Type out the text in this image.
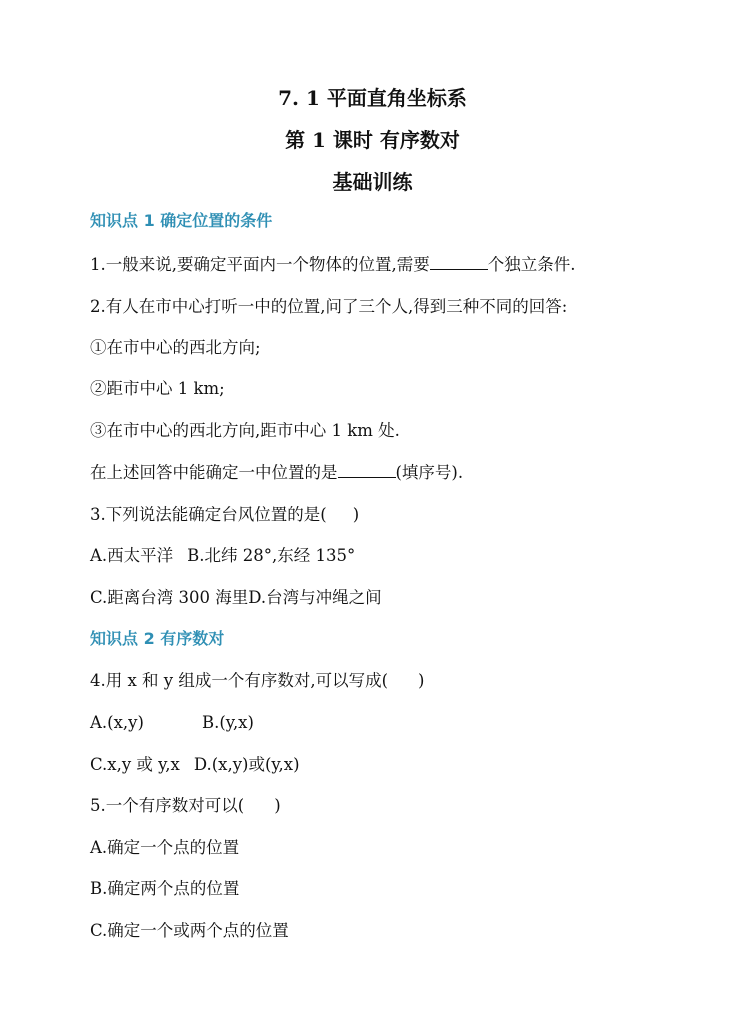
7. 1 平面直角坐标系
第 1 课时 有序数对
基础训练
知识点 1 确定位置的条件
1.一般来说,要确定平面内一个物体的位置,需要	个独立条件.
2.有人在市中心打听一中的位置,问了三个人,得到三种不同的回答:
①在市中心的西北方向;
②距市中心 1 km;
③在市中心的西北方向,距市中心 1 km 处.
在上述回答中能确定一中位置的是	(填序号).
3.下列说法能确定台风位置的是( )
A.西太平洋 B.北纬 28°,东经 135°
C.距离台湾 300 海里D.台湾与冲绳之间
知识点 2 有序数对
4.用 x 和 y 组成一个有序数对,可以写成( )
A.(x,y)	B.(y,x)
C.x,y 或 y,x D.(x,y)或(y,x)
5.一个有序数对可以( )
A.确定一个点的位置
B.确定两个点的位置
C.确定一个或两个点的位置
